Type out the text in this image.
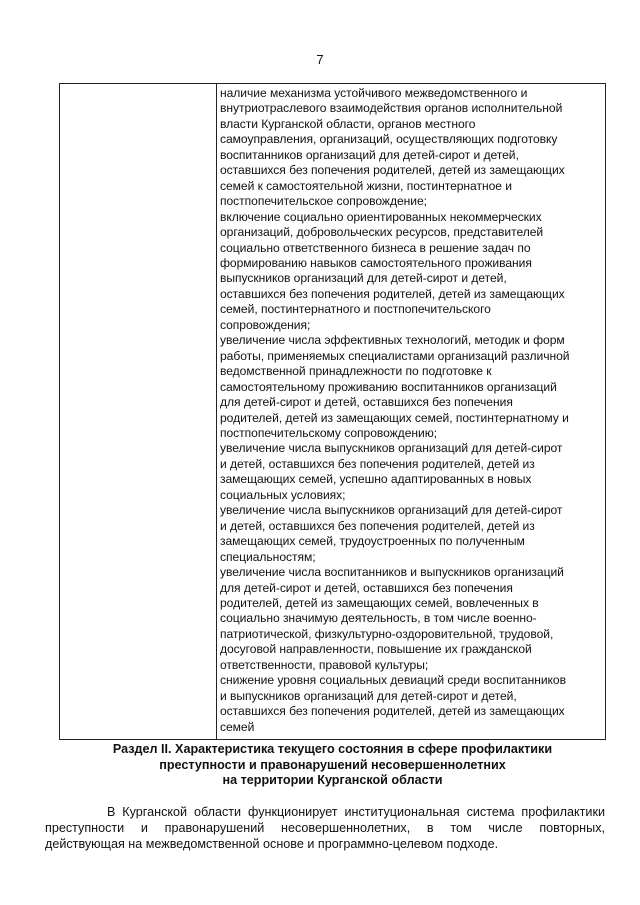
7

наличие механизма устойчивого межведомственного и
внутриотраслевого взаимодействия органов исполнительной
власти Курганской области, органов местного
самоуправления, организаций, осуществляющих подготовку
воспитанников организаций для детей-сирот и детей,
оставшихся без попечения родителей, детей из замещающих
семей к самостоятельной жизни, постинтернатное и
постпопечительское сопровождение;
включение социально ориентированных некоммерческих
организаций, добровольческих ресурсов, представителей
социально ответственного бизнеса в решение задач по
формированию навыков самостоятельного проживания
выпускников организаций для детей-сирот и детей,
оставшихся без попечения родителей, детей из замещающих
семей, постинтернатного и постпопечительского
сопровождения;
увеличение числа эффективных технологий, методик и форм
работы, применяемых специалистами организаций различной
ведомственной принадлежности по подготовке к
самостоятельному проживанию воспитанников организаций
для детей-сирот и детей, оставшихся без попечения
родителей, детей из замещающих семей, постинтернатному и
постпопечительскому сопровождению;
увеличение числа выпускников организаций для детей-сирот
и детей, оставшихся без попечения родителей, детей из
замещающих семей, успешно адаптированных в новых
социальных условиях;
увеличение числа выпускников организаций для детей-сирот
и детей, оставшихся без попечения родителей, детей из
замещающих семей, трудоустроенных по полученным
специальностям;
увеличение числа воспитанников и выпускников организаций
для детей-сирот и детей, оставшихся без попечения
родителей, детей из замещающих семей, вовлеченных в
социально значимую деятельность, в том числе военно-
патриотической, физкультурно-оздоровительной, трудовой,
досуговой направленности, повышение их гражданской
ответственности, правовой культуры;
снижение уровня социальных девиаций среди воспитанников
и выпускников организаций для детей-сирот и детей,
оставшихся без попечения родителей, детей из замещающих
семей
Раздел II. Характеристика текущего состояния в сфере профилактики
преступности и правонарушений несовершеннолетних
на территории Курганской области
В Курганской области функционирует институциональная система профилактики
преступности и правонарушений несовершеннолетних, в том числе повторных,
действующая на межведомственной основе и программно-целевом подходе.
